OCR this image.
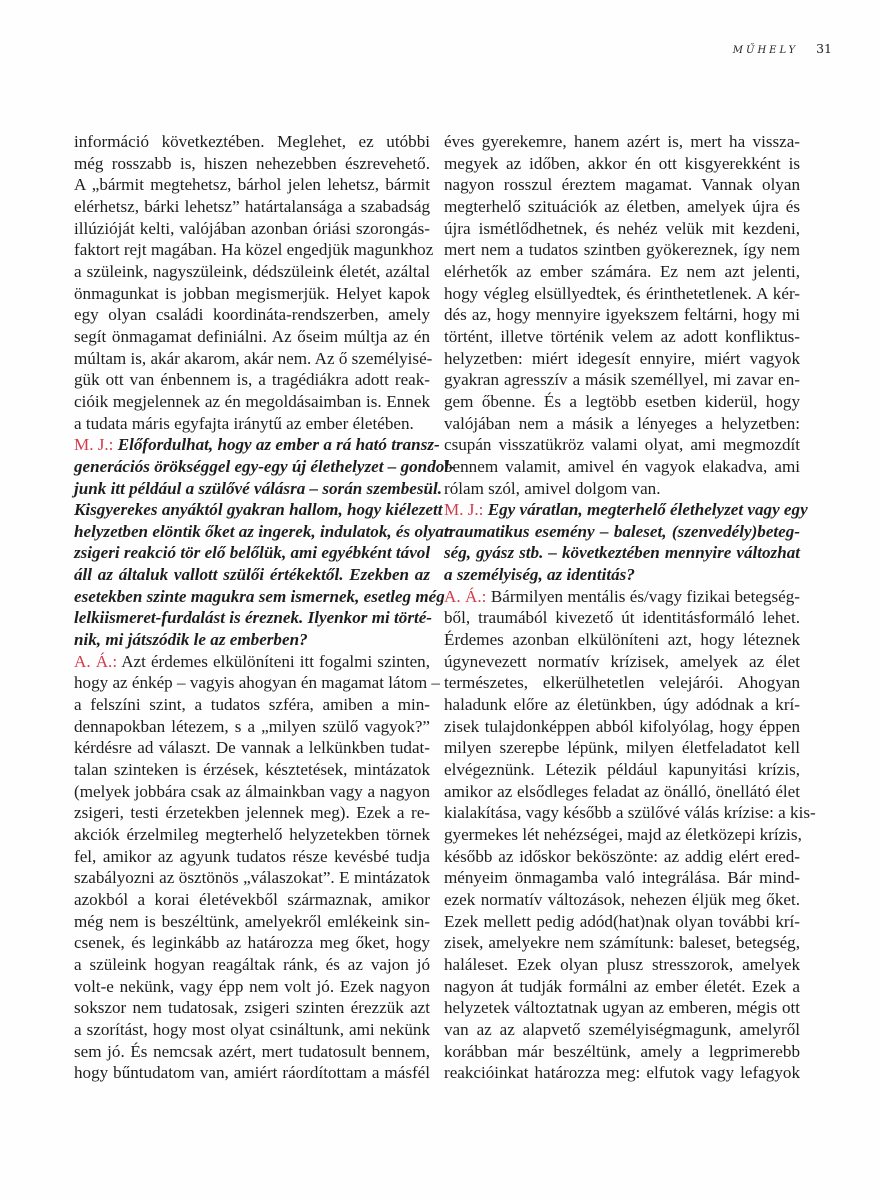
MŰHELY 31

információ következtében. Meglehet, ez utóbbi
még rosszabb is, hiszen nehezebben észrevehető.
A „bármit megtehetsz, bárhol jelen lehetsz, bármit
elérhetsz, bárki lehetsz” határtalansága a szabadság
illúzióját kelti, valójában azonban óriási szorongás-
faktort rejt magában. Ha közel engedjük magunkhoz
a szüleink, nagyszüleink, dédszüleink életét, azáltal
önmagunkat is jobban megismerjük. Helyet kapok
egy olyan családi koordináta-rendszerben, amely
segít önmagamat definiálni. Az őseim múltja az én
múltam is, akár akarom, akár nem. Az ő személyisé-
gük ott van énbennem is, a tragédiákra adott reak-
cióik megjelennek az én megoldásaimban is. Ennek
a tudata máris egyfajta iránytű az ember életében.

M. J.: Előfordulhat, hogy az ember a rá ható transz-
generációs örökséggel egy-egy új élethelyzet – gondol-
junk itt például a szülővé válásra – során szembesül.
Kisgyerekes anyáktól gyakran hallom, hogy kiélezett
helyzetben elöntik őket az ingerek, indulatok, és olyan
zsigeri reakció tör elő belőlük, ami egyébként távol
áll az általuk vallott szülői értékektől. Ezekben az
esetekben szinte magukra sem ismernek, esetleg még
lelkiismeret-furdalást is éreznek. Ilyenkor mi törté-
nik, mi játszódik le az emberben?

A. Á.: Azt érdemes elkülöníteni itt fogalmi szinten,
hogy az énkép – vagyis ahogyan én magamat látom –
a felszíni szint, a tudatos szféra, amiben a min-
dennapokban létezem, s a „milyen szülő vagyok?”
kérdésre ad választ. De vannak a lelkünkben tudat-
talan szinteken is érzések, késztetések, mintázatok
(melyek jobbára csak az álmainkban vagy a nagyon
zsigeri, testi érzetekben jelennek meg). Ezek a re-
akciók érzelmileg megterhelő helyzetekben törnek
fel, amikor az agyunk tudatos része kevésbé tudja
szabályozni az ösztönös „válaszokat”. E mintázatok
azokból a korai életévekből származnak, amikor
még nem is beszéltünk, amelyekről emlékeink sin-
csenek, és leginkább az határozza meg őket, hogy
a szüleink hogyan reagáltak ránk, és az vajon jó
volt-e nekünk, vagy épp nem volt jó. Ezek nagyon
sokszor nem tudatosak, zsigeri szinten érezzük azt
a szorítást, hogy most olyat csináltunk, ami nekünk
sem jó. És nemcsak azért, mert tudatosult bennem,
hogy bűntudatom van, amiért ráordítottam a másfél

éves gyerekemre, hanem azért is, mert ha vissza-
megyek az időben, akkor én ott kisgyerekként is
nagyon rosszul éreztem magamat. Vannak olyan
megterhelő szituációk az életben, amelyek újra és
újra ismétlődhetnek, és nehéz velük mit kezdeni,
mert nem a tudatos szintben gyökereznek, így nem
elérhetők az ember számára. Ez nem azt jelenti,
hogy végleg elsüllyedtek, és érinthetetlenek. A kér-
dés az, hogy mennyire igyekszem feltárni, hogy mi
történt, illetve történik velem az adott konfliktus-
helyzetben: miért idegesít ennyire, miért vagyok
gyakran agresszív a másik személlyel, mi zavar en-
gem őbenne. És a legtöbb esetben kiderül, hogy
valójában nem a másik a lényeges a helyzetben:
csupán visszatükröz valami olyat, ami megmozdít
bennem valamit, amivel én vagyok elakadva, ami
rólam szól, amivel dolgom van.

M. J.: Egy váratlan, megterhelő élethelyzet vagy egy
traumatikus esemény – baleset, (szenvedély)beteg-
ség, gyász stb. – következtében mennyire változhat
a személyiség, az identitás?

A. Á.: Bármilyen mentális és/vagy fizikai betegség-
ből, traumából kivezető út identitásformáló lehet.
Érdemes azonban elkülöníteni azt, hogy léteznek
úgynevezett normatív krízisek, amelyek az élet
természetes, elkerülhetetlen velejárói. Ahogyan
haladunk előre az életünkben, úgy adódnak a krí-
zisek tulajdonképpen abból kifolyólag, hogy éppen
milyen szerepbe lépünk, milyen életfeladatot kell
elvégeznünk. Létezik például kapunyitási krízis,
amikor az elsődleges feladat az önálló, önellátó élet
kialakítása, vagy később a szülővé válás krízise: a kis-
gyermekes lét nehézségei, majd az életközepi krízis,
később az időskor beköszönte: az addig elért ered-
ményeim önmagamba való integrálása. Bár mind-
ezek normatív változások, nehezen éljük meg őket.
Ezek mellett pedig adód(hat)nak olyan további krí-
zisek, amelyekre nem számítunk: baleset, betegség,
haláleset. Ezek olyan plusz stresszorok, amelyek
nagyon át tudják formálni az ember életét. Ezek a
helyzetek változtatnak ugyan az emberen, mégis ott
van az az alapvető személyiségmagunk, amelyről
korábban már beszéltünk, amely a legprimerebb
reakcióinkat határozza meg: elfutok vagy lefagyok
